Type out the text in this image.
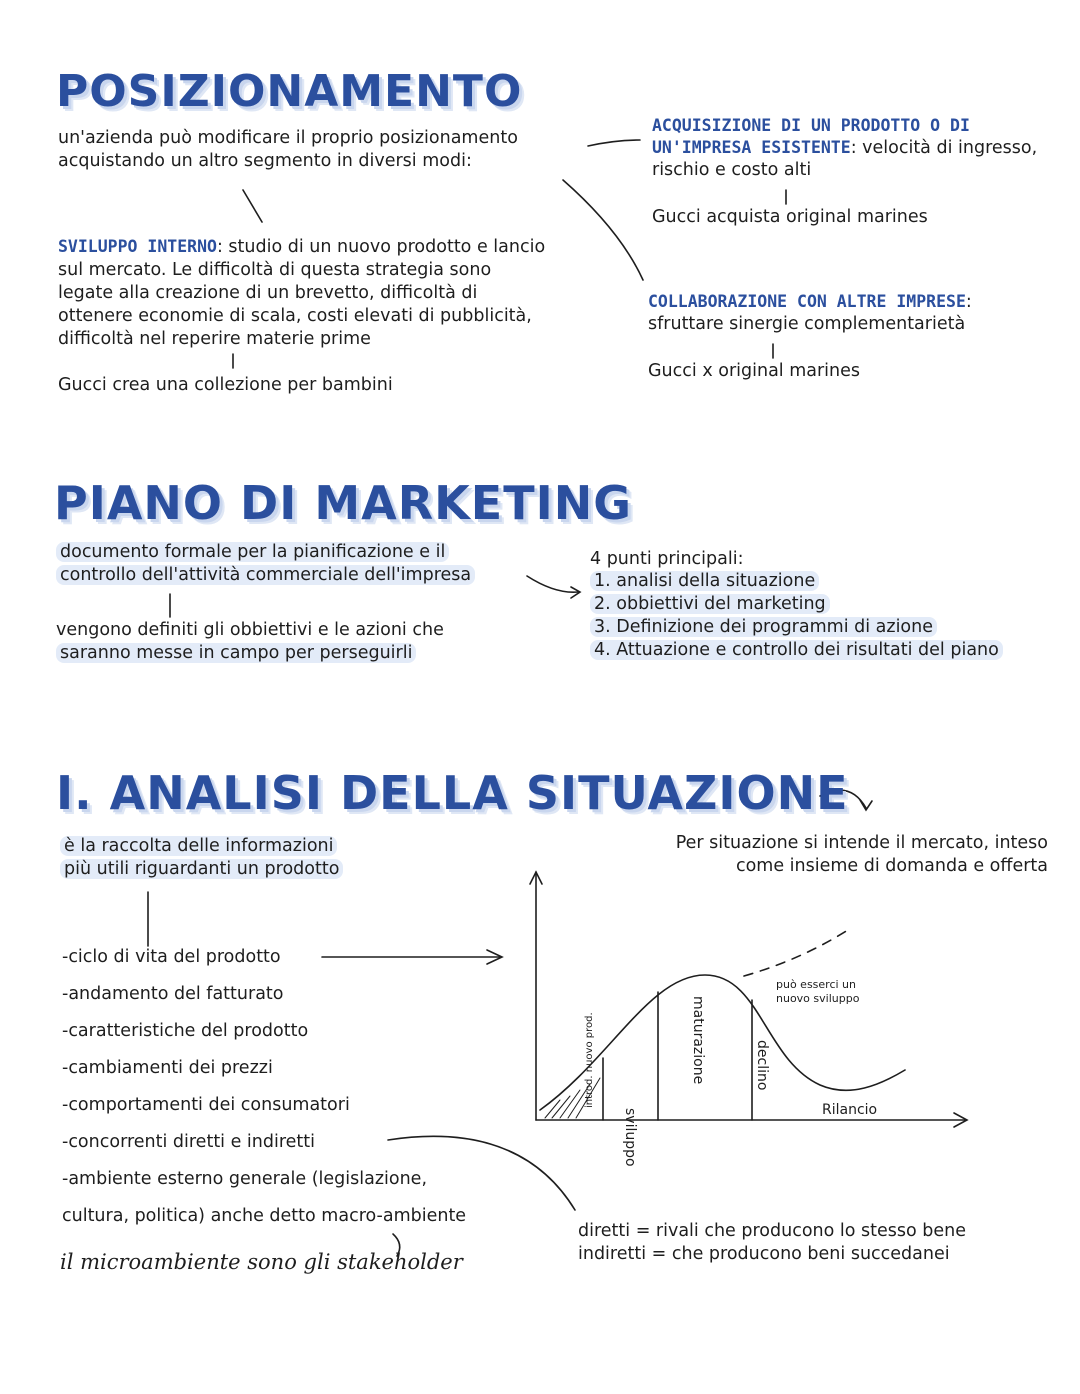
introd. nuovo prod.
sviluppo
maturazione	declino
Rilancio
può esserci un
nuovo sviluppo
POSIZIONAMENTO
un'azienda può modificare il proprio posizionamento
acquistando un altro segmento in diversi modi:
ACQUISIZIONE DI UN PRODOTTO O DI
UN'IMPRESA ESISTENTE: velocità di ingresso,
rischio e costo alti
Gucci acquista original marines
SVILUPPO INTERNO: studio di un nuovo prodotto e lancio
sul mercato. Le difficoltà di questa strategia sono
legate alla creazione di un brevetto, difficoltà di
ottenere economie di scala, costi elevati di pubblicità,
difficoltà nel reperire materie prime
Gucci crea una collezione per bambini
COLLABORAZIONE CON ALTRE IMPRESE:
sfruttare sinergie complementarietà
Gucci x original marines
PIANO DI MARKETING
documento formale per la pianificazione e il
controllo dell'attività commerciale dell'impresa
vengono definiti gli obbiettivi e le azioni che
saranno messe in campo per perseguirli
4 punti principali:
1. analisi della situazione
2. obbiettivi del marketing
3. Definizione dei programmi di azione
4. Attuazione e controllo dei risultati del piano
I. ANALISI DELLA SITUAZIONE
è la raccolta delle informazioni
più utili riguardanti un prodotto
Per situazione si intende il mercato, inteso
come insieme di domanda e offerta
-ciclo di vita del prodotto
-andamento del fatturato
-caratteristiche del prodotto
-cambiamenti dei prezzi
-comportamenti dei consumatori
-concorrenti diretti e indiretti
-ambiente esterno generale (legislazione,
cultura, politica) anche detto macro-ambiente
il microambiente sono gli stakeholder
diretti = rivali che producono lo stesso bene
indiretti = che producono beni succedanei
